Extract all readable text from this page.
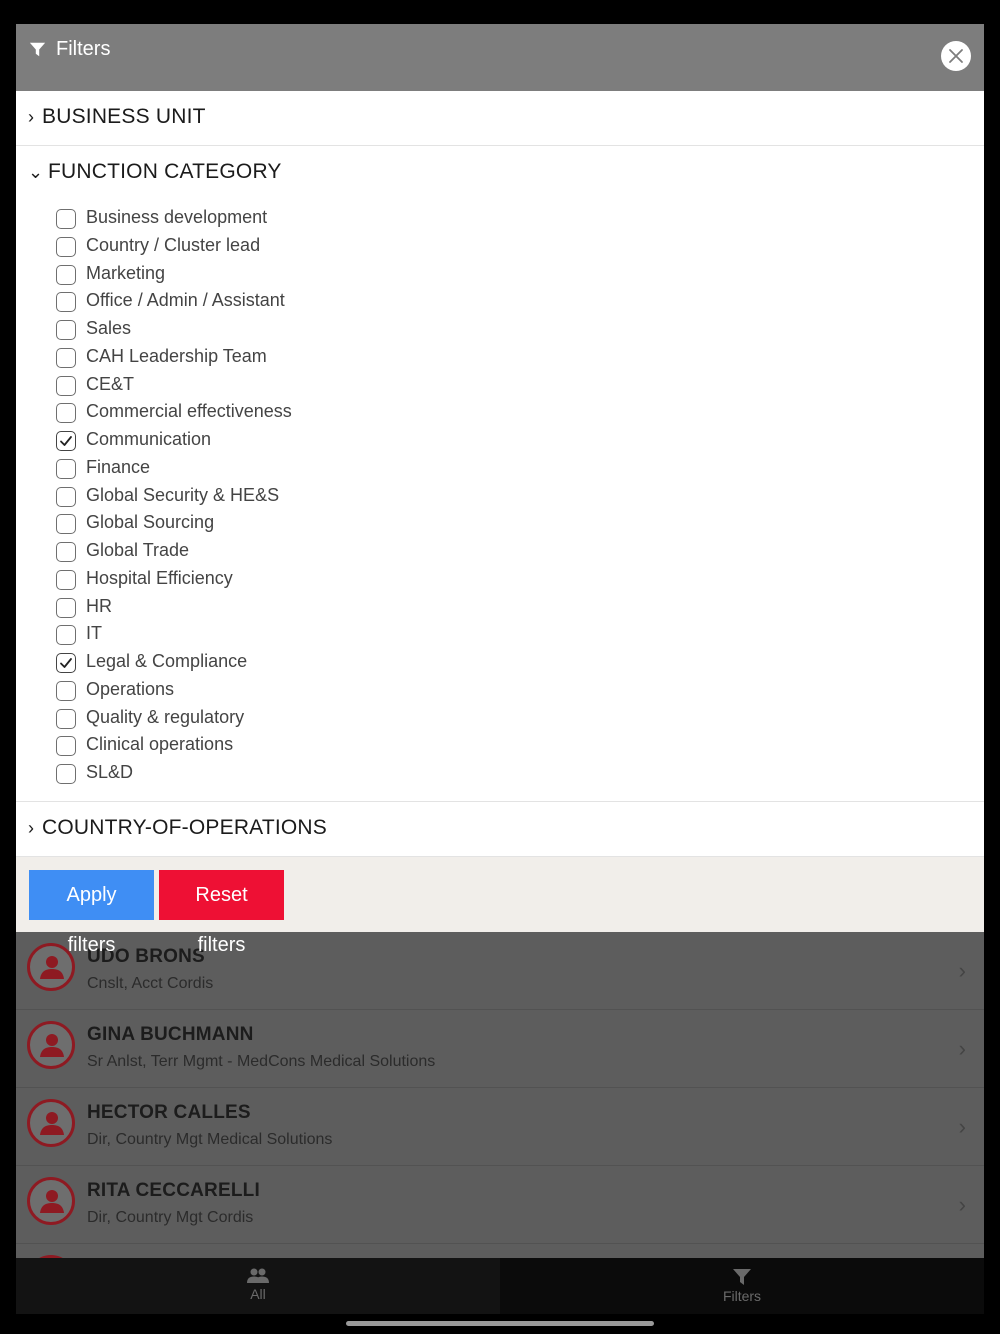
UDO BRONS
Cnslt, Acct Cordis
›
GINA BUCHMANN
Sr Anlst, Terr Mgmt - MedCons Medical Solutions
›
HECTOR CALLES
Dir, Country Mgt Medical Solutions
›
RITA CECCARELLI
Dir, Country Mgt Cordis
›
All	Filters
Filters
› BUSINESS UNIT
⌄ FUNCTION CATEGORY
Business development
Country / Cluster lead
Marketing
Office / Admin / Assistant
Sales
CAH Leadership Team
CE&T
Commercial effectiveness
Communication
Finance
Global Security & HE&S
Global Sourcing
Global Trade
Hospital Efficiency
HR
IT
Legal & Compliance
Operations
Quality & regulatory
Clinical operations
SL&D
› COUNTRY-OF-OPERATIONS
Apply filters
Reset filters
